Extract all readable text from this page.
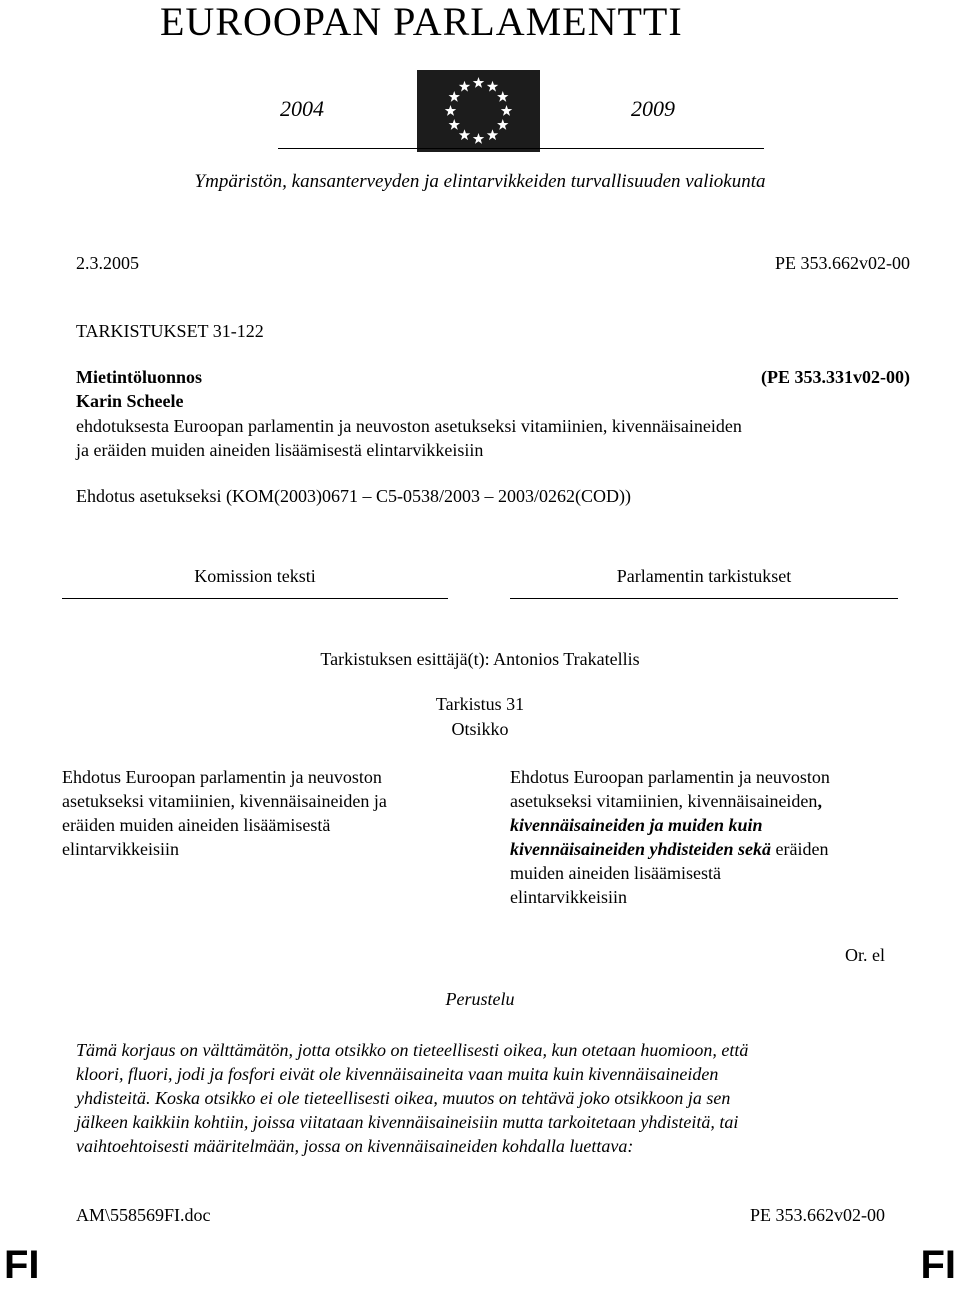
EUROOPAN PARLAMENTTI
2004	2009
Ympäristön, kansanterveyden ja elintarvikkeiden turvallisuuden valiokunta
2.3.2005	PE 353.662v02-00
TARKISTUKSET 31-122
Mietintöluonnos	(PE 353.331v02-00)
Karin Scheele
ehdotuksesta Euroopan parlamentin ja neuvoston asetukseksi vitamiinien, kivennäisaineiden
ja eräiden muiden aineiden lisäämisestä elintarvikkeisiin
Ehdotus asetukseksi (KOM(2003)0671 – C5-0538/2003 – 2003/0262(COD))
Komission teksti	Parlamentin tarkistukset
Tarkistuksen esittäjä(t): Antonios Trakatellis
Tarkistus 31
Otsikko
Ehdotus Euroopan parlamentin ja neuvoston
asetukseksi vitamiinien, kivennäisaineiden ja
eräiden muiden aineiden lisäämisestä
elintarvikkeisiin
Ehdotus Euroopan parlamentin ja neuvoston
asetukseksi vitamiinien, kivennäisaineiden,
kivennäisaineiden ja muiden kuin
kivennäisaineiden yhdisteiden sekä eräiden
muiden aineiden lisäämisestä
elintarvikkeisiin
Or. el
Perustelu
Tämä korjaus on välttämätön, jotta otsikko on tieteellisesti oikea, kun otetaan huomioon, että
kloori, fluori, jodi ja fosfori eivät ole kivennäisaineita vaan muita kuin kivennäisaineiden
yhdisteitä. Koska otsikko ei ole tieteellisesti oikea, muutos on tehtävä joko otsikkoon ja sen
jälkeen kaikkiin kohtiin, joissa viitataan kivennäisaineisiin mutta tarkoitetaan yhdisteitä, tai
vaihtoehtoisesti määritelmään, jossa on kivennäisaineiden kohdalla luettava:
AM\558569FI.doc	PE 353.662v02-00
FI	FI
